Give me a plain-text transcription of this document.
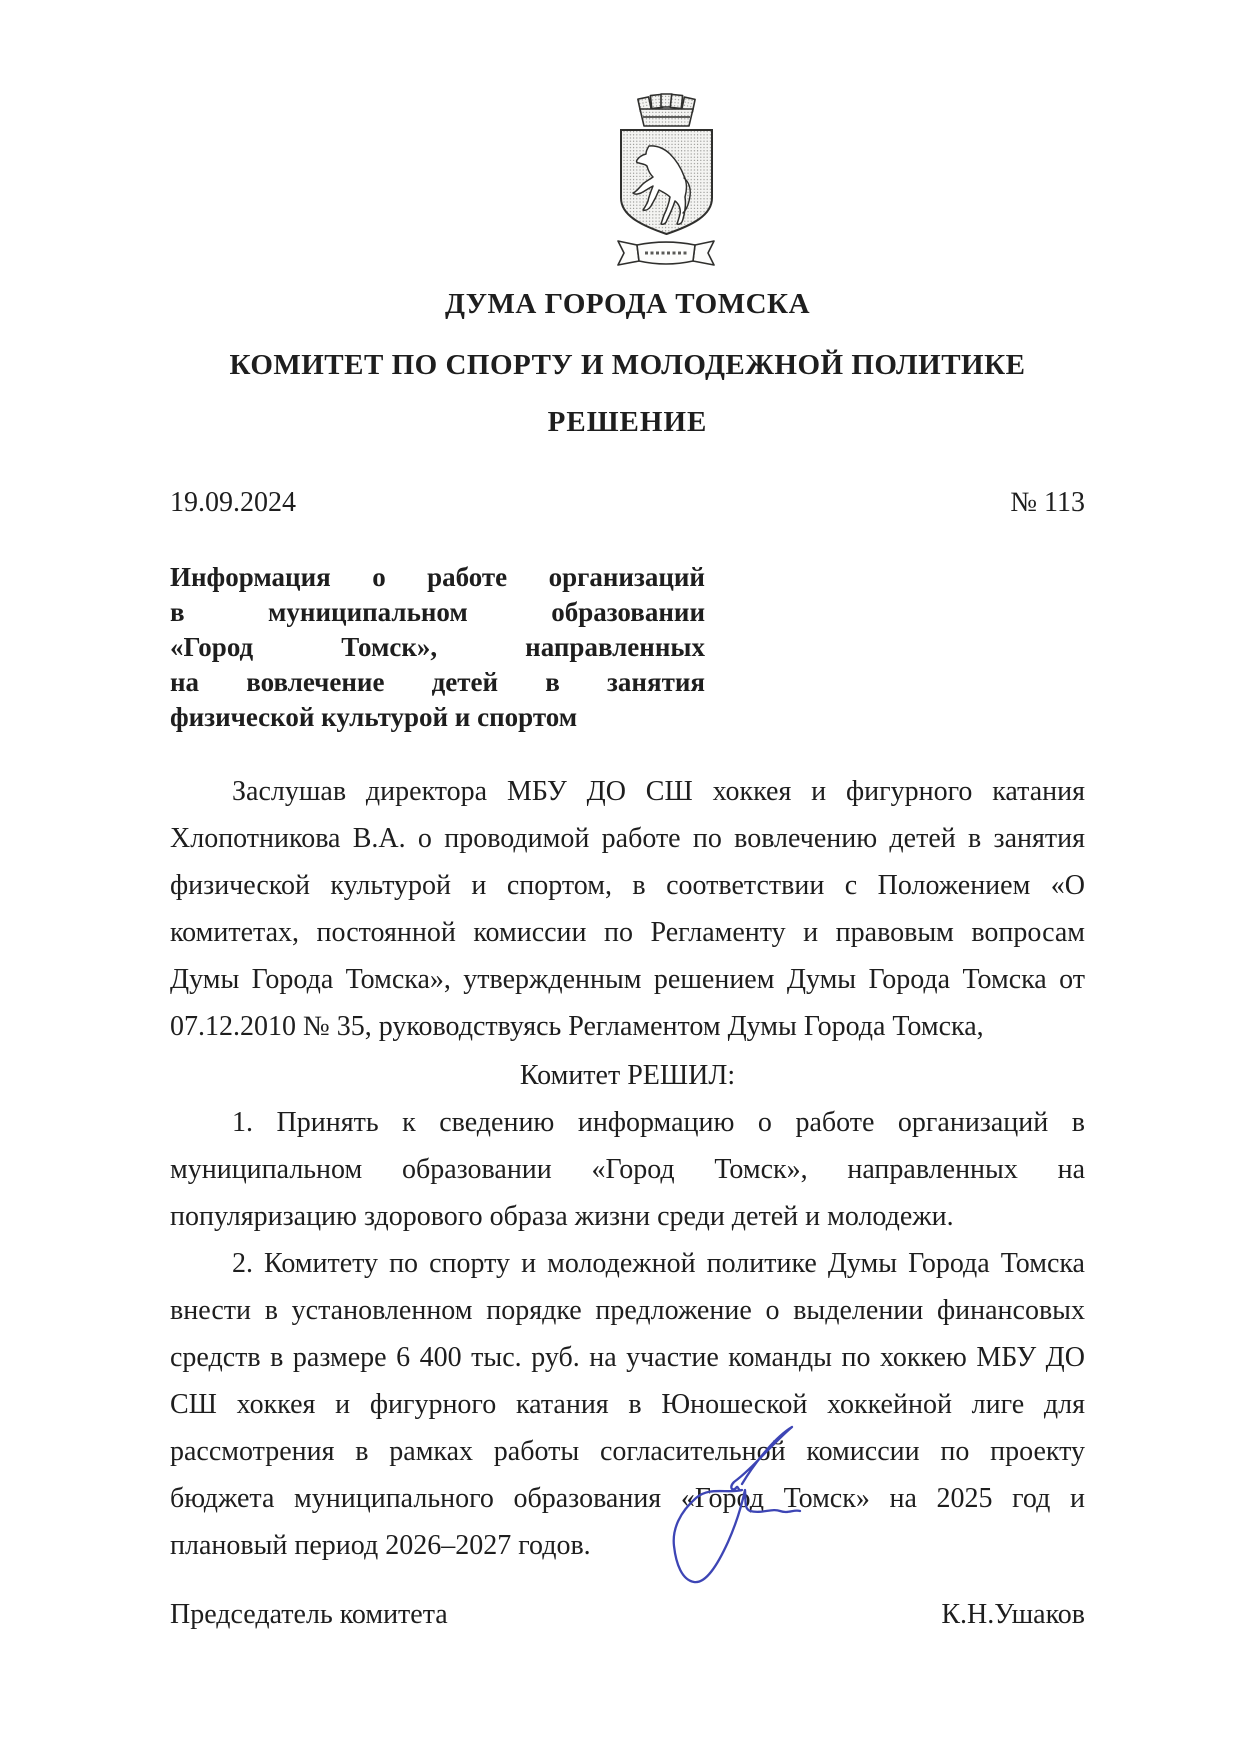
ДУМА ГОРОДА ТОМСКА
КОМИТЕТ ПО СПОРТУ И МОЛОДЕЖНОЙ ПОЛИТИКЕ
РЕШЕНИЕ
19.09.2024	№ 113
Информация о работе организаций
в муниципальном образовании
«Город Томск», направленных
на вовлечение детей в занятия
физической культурой и спортом

Заслушав директора МБУ ДО СШ хоккея и фигурного катания Хлопотникова В.А. о проводимой работе по вовлечению детей в занятия физической культурой и спортом, в соответствии с Положением «О комитетах, постоянной комиссии по Регламенту и правовым вопросам Думы Города Томска», утвержденным решением Думы Города Томска от 07.12.2010 № 35, руководствуясь Регламентом Думы Города Томска,

Комитет РЕШИЛ:

1. Принять к сведению информацию о работе организаций в муниципальном образовании «Город Томск», направленных на популяризацию здорового образа жизни среди детей и молодежи.

2. Комитету по спорту и молодежной политике Думы Города Томска внести в установленном порядке предложение о выделении финансовых средств в размере 6 400 тыс. руб. на участие команды по хоккею МБУ ДО СШ хоккея и фигурного катания в Юношеской хоккейной лиге для рассмотрения в рамках работы согласительной комиссии по проекту бюджета муниципального образования «Город Томск» на 2025 год и плановый период 2026–2027 годов.

Председатель комитета	К.Н.Ушаков
